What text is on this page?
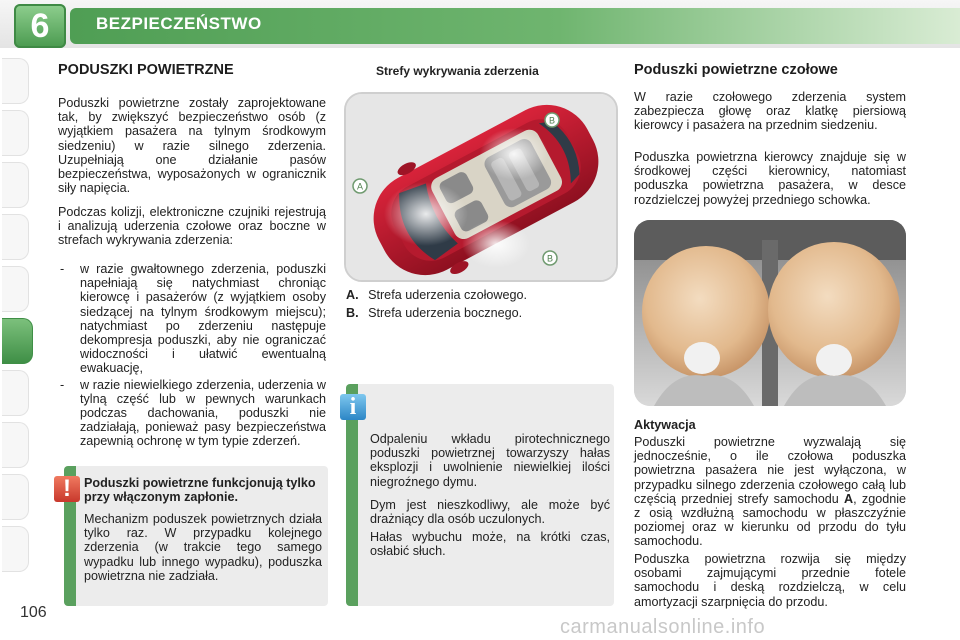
6	BEZPIECZEŃSTWO
PODUSZKI POWIETRZNE
Poduszki powietrzne zostały zaprojektowane tak, by zwiększyć bezpieczeństwo osób (z wyjątkiem pasażera na tylnym środkowym siedzeniu) w razie silnego zderzenia. Uzupełniają one działanie pasów bezpieczeństwa, wyposażonych w ogranicznik siły napięcia.
Podczas kolizji, elektroniczne czujniki rejestrują i analizują uderzenia czołowe oraz boczne w strefach wykrywania zderzenia:
- w razie gwałtownego zderzenia, poduszki napełniają się natychmiast chroniąc kierowcę i pasażerów (z wyjątkiem osoby siedzącej na tylnym środkowym miejscu); natychmiast po zderzeniu następuje dekompresja poduszki, aby nie ograniczać widoczności i ułatwić ewentualną ewakuację,
- w razie niewielkiego zderzenia, uderzenia w tylną część lub w pewnych warunkach podczas dachowania, poduszki nie zadziałają, ponieważ pasy bezpieczeństwa zapewnią ochronę w tym typie zderzeń.
Poduszki powietrzne funkcjonują tylko przy włączonym zapłonie.
Mechanizm poduszek powietrznych działa tylko raz. W przypadku kolejnego zderzenia (w trakcie tego samego wypadku lub innego wypadku), poduszka powietrzna nie zadziała.
!
Strefy wykrywania zderzenia
A
B
B
A. Strefa uderzenia czołowego.
B. Strefa uderzenia bocznego.
Odpaleniu wkładu pirotechnicznego poduszki powietrznej towarzyszy hałas eksplozji i uwolnienie niewielkiej ilości niegroźnego dymu.
Dym jest nieszkodliwy, ale może być drażniący dla osób uczulonych.
Hałas wybuchu może, na krótki czas, osłabić słuch.
i
Poduszki powietrzne czołowe
W razie czołowego zderzenia system zabezpiecza głowę oraz klatkę piersiową kierowcy i pasażera na przednim siedzeniu.
Poduszka powietrzna kierowcy znajduje się w środkowej części kierownicy, natomiast poduszka powietrzna pasażera, w desce rozdzielczej powyżej przedniego schowka.
Aktywacja
Poduszki powietrzne wyzwalają się jednocześnie, o ile czołowa poduszka powietrzna pasażera nie jest wyłączona, w przypadku silnego zderzenia czołowego całą lub częścią przedniej strefy samochodu A, zgodnie z osią wzdłużną samochodu w płaszczyźnie poziomej oraz w kierunku od przodu do tyłu samochodu.
Poduszka powietrzna rozwija się między osobami zajmującymi przednie fotele samochodu i deską rozdzielczą, w celu amortyzacji szarpnięcia do przodu.
106
carmanualsonline.info
